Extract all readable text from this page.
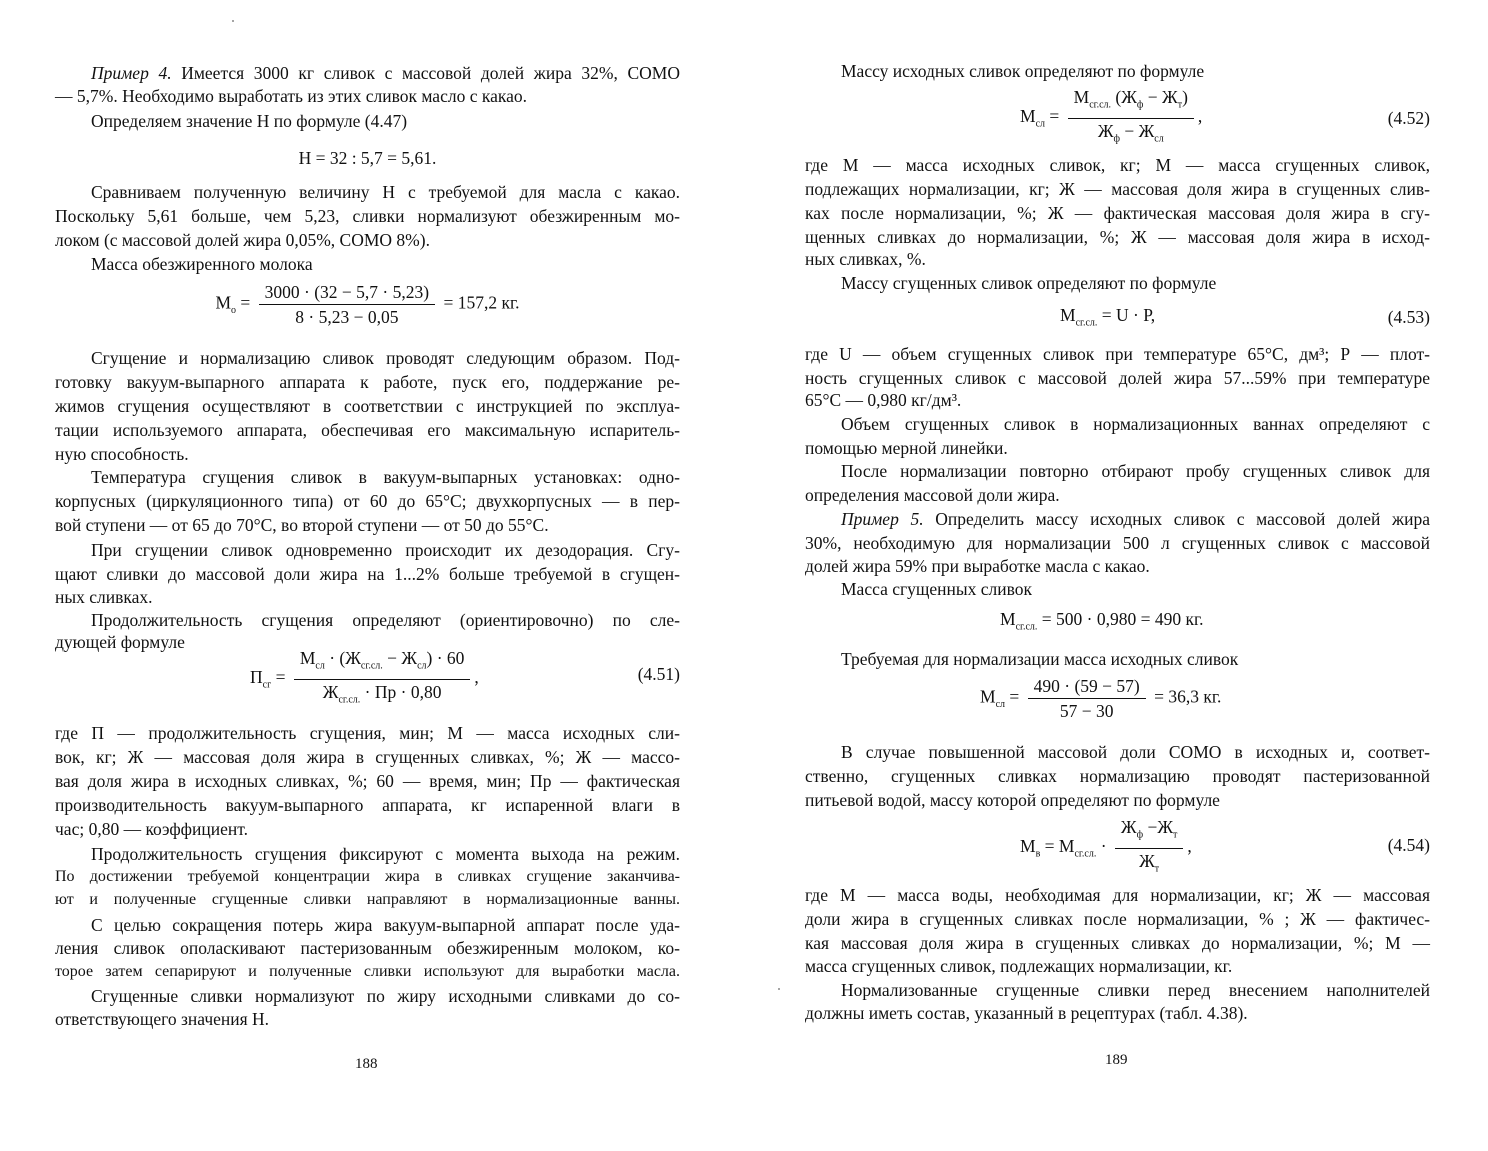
Пример 4. Имеется 3000 кг сливок с массовой долей жира 32%, СОМО
— 5,7%. Необходимо выработать из этих сливок масло с какао.
Определяем значение Н по формуле (4.47)
Н = 32 : 5,7 = 5,61.
Сравниваем полученную величину Н с требуемой для масла с какао.
Поскольку 5,61 больше, чем 5,23, сливки нормализуют обезжиренным мо-
локом (с массовой долей жира 0,05%, СОМО 8%).
Масса обезжиренного молока
$М_о = \frac{3000 \cdot (32 - 5,7 \cdot 5,23)}{8 \cdot 5,23 - 0,05} = 157,2$ кг.
Сгущение и нормализацию сливок проводят следующим образом. Под-
готовку вакуум-выпарного аппарата к работе, пуск его, поддержание ре-
жимов сгущения осуществляют в соответствии с инструкцией по эксплуа-
тации используемого аппарата, обеспечивая его максимальную испаритель-
ную способность.
Температура сгущения сливок в вакуум-выпарных установках: одно-
корпусных (циркуляционного типа) от 60 до 65°С; двухкорпусных — в пер-
вой ступени — от 65 до 70°С, во второй ступени — от 50 до 55°С.
При сгущении сливок одновременно происходит их дезодорация. Сгу-
щают сливки до массовой доли жира на 1...2% больше требуемой в сгущен-
ных сливках.
Продолжительность сгущения определяют (ориентировочно) по сле-
дующей формуле
$П_{сг} = \frac{М_{сл} \cdot (Ж_{сг.сл.} - Ж_{сл}) \cdot 60}{Ж_{сг.сл.} \cdot Пр \cdot 0,80}$ ,	(4.51)
где П — продолжительность сгущения, мин; М — масса исходных сли-
вок, кг; Ж — массовая доля жира в сгущенных сливках, %; Ж — массо-
вая доля жира в исходных сливках, %; 60 — время, мин; Пр — фактическая
производительность вакуум-выпарного аппарата, кг испаренной влаги в
час; 0,80 — коэффициент.
Продолжительность сгущения фиксируют с момента выхода на режим.
По достижении требуемой концентрации жира в сливках сгущение заканчива-
ют и полученные сгущенные сливки направляют в нормализационные ванны.
С целью сокращения потерь жира вакуум-выпарной аппарат после уда-
ления сливок ополаскивают пастеризованным обезжиренным молоком, ко-
торое затем сепарируют и полученные сливки используют для выработки масла.
Сгущенные сливки нормализуют по жиру исходными сливками до со-
ответствующего значения Н.
188
Массу исходных сливок определяют по формуле
$М_{сл} = \frac{М_{сг.сл.} (Ж_ф - Ж_т)}{Ж_ф - Ж_{сл}}$ ,	(4.52)
где М — масса исходных сливок, кг; М — масса сгущенных сливок,
подлежащих нормализации, кг; Ж — массовая доля жира в сгущенных слив-
ках после нормализации, %; Ж — фактическая массовая доля жира в сгу-
щенных сливках до нормализации, %; Ж — массовая доля жира в исход-
ных сливках, %.
Массу сгущенных сливок определяют по формуле
$М_{сг.сл.} = U \cdot Р$,	(4.53)
где U — объем сгущенных сливок при температуре 65°С, дм³; Р — плот-
ность сгущенных сливок с массовой долей жира 57...59% при температуре
65°С — 0,980 кг/дм³.
Объем сгущенных сливок в нормализационных ваннах определяют с
помощью мерной линейки.
После нормализации повторно отбирают пробу сгущенных сливок для
определения массовой доли жира.
Пример 5. Определить массу исходных сливок с массовой долей жира
30%, необходимую для нормализации 500 л сгущенных сливок с массовой
долей жира 59% при выработке масла с какао.
Масса сгущенных сливок
$М_{сг.сл.} = 500 \cdot 0,980 = 490$ кг.
Требуемая для нормализации масса исходных сливок
$М_{сл} = \frac{490 \cdot (59 - 57)}{57 - 30} = 36,3$ кг.
В случае повышенной массовой доли СОМО в исходных и, соответ-
ственно, сгущенных сливках нормализацию проводят пастеризованной
питьевой водой, массу которой определяют по формуле
$М_в = М_{сг.сл.} \cdot \frac{Ж_ф -Ж_т}{Ж_т}$ ,	(4.54)
где М — масса воды, необходимая для нормализации, кг; Ж — массовая
доли жира в сгущенных сливках после нормализации, % ; Ж — фактичес-
кая массовая доля жира в сгущенных сливках до нормализации, %; М —
масса сгущенных сливок, подлежащих нормализации, кг.
Нормализованные сгущенные сливки перед внесением наполнителей
должны иметь состав, указанный в рецептурах (табл. 4.38).
189
